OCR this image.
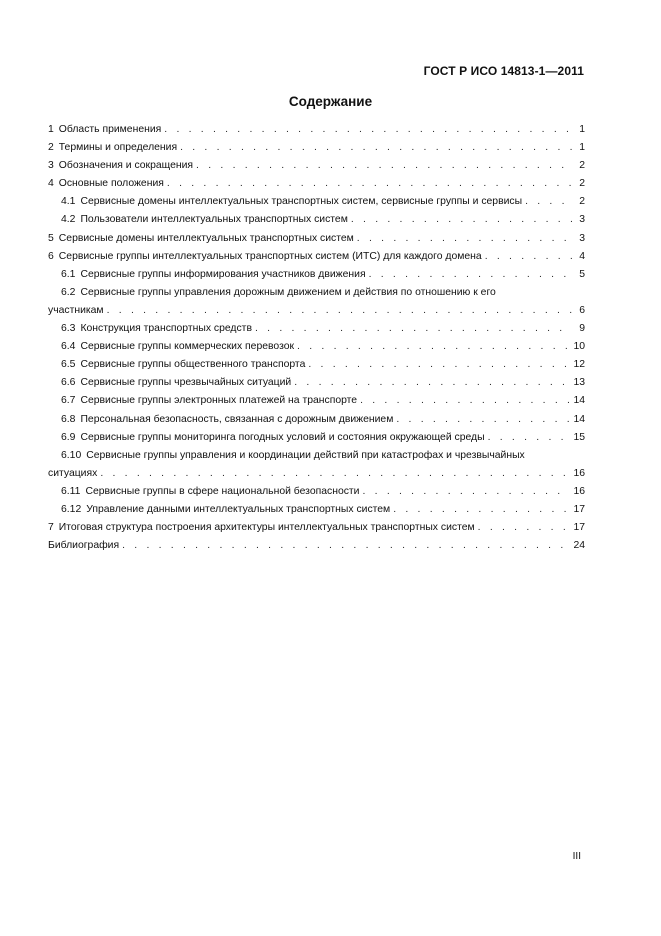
ГОСТ Р ИСО 14813-1—2011
Содержание
1 Область применения . . .	1
2 Термины и определения . . .	1
3 Обозначения и сокращения . . .	2
4 Основные положения . . .	2
4.1 Сервисные домены интеллектуальных транспортных систем, сервисные группы и сервисы . . .	2
4.2 Пользователи интеллектуальных транспортных систем . . .	3
5 Сервисные домены интеллектуальных транспортных систем . . .	3
6 Сервисные группы интеллектуальных транспортных систем (ИТС) для каждого домена . . .	4
6.1 Сервисные группы информирования участников движения . . .	5
6.2 Сервисные группы управления дорожным движением и действия по отношению к его
участникам . . .	6
6.3 Конструкция транспортных средств . . .	9
6.4 Сервисные группы коммерческих перевозок . . .	10
6.5 Сервисные группы общественного транспорта . . .	12
6.6 Сервисные группы чрезвычайных ситуаций . . .	13
6.7 Сервисные группы электронных платежей на транспорте . . .	14
6.8 Персональная безопасность, связанная с дорожным движением . . .	14
6.9 Сервисные группы мониторинга погодных условий и состояния окружающей среды . . .	15
6.10 Сервисные группы управления и координации действий при катастрофах и чрезвычайных
ситуациях . . .	16
6.11 Сервисные группы в сфере национальной безопасности . . .	16
6.12 Управление данными интеллектуальных транспортных систем . . .	17
7 Итоговая структура построения архитектуры интеллектуальных транспортных систем . . .	17
Библиография . . .	24
III
